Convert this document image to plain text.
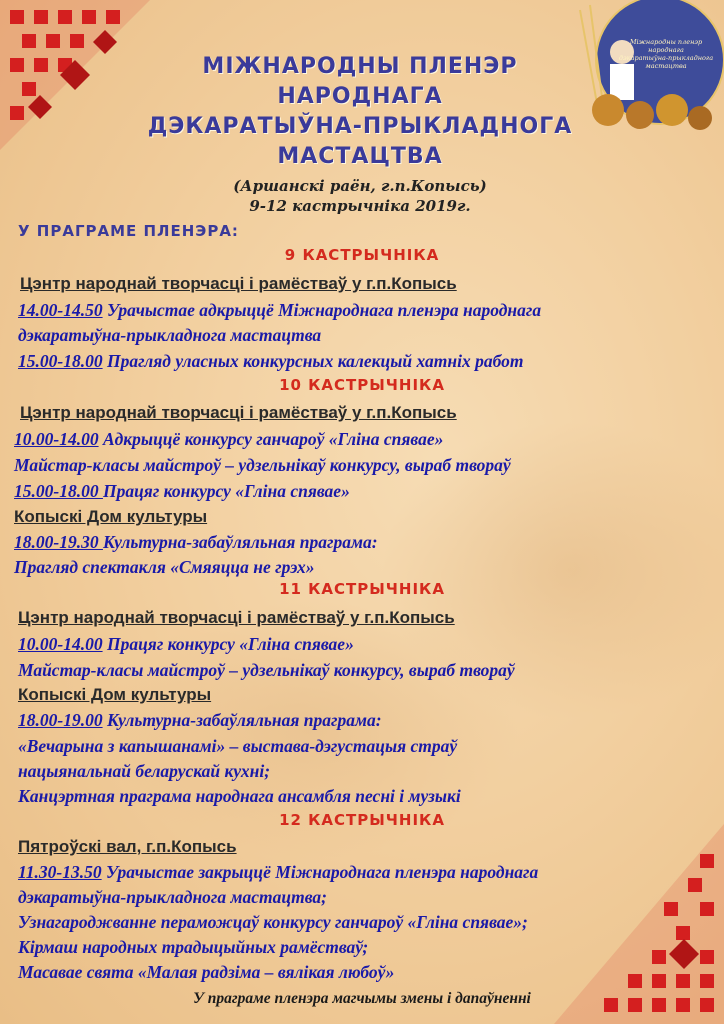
Міжнародны пленэр
народнага
дэкаратыўна-прыкладнога
мастацтва
МІЖНАРОДНЫ ПЛЕНЭР
НАРОДНАГА
ДЭКАРАТЫЎНА-ПРЫКЛАДНОГА
МАСТАЦТВА
(Аршанскі раён, г.п.Копысь)
9-12 кастрычніка 2019г.
У ПРАГРАМЕ ПЛЕНЭРА:
9 КАСТРЫЧНІКА
Цэнтр народнай творчасці і рамёстваў у г.п.Копысь
14.00-14.50 Урачыстае адкрыццё Міжнароднага пленэра народнага
дэкаратыўна-прыкладнога мастацтва
15.00-18.00 Прагляд уласных конкурсных калекцый хатніх работ
10 КАСТРЫЧНІКА
Цэнтр народнай творчасці і рамёстваў у г.п.Копысь
10.00-14.00 Адкрыццё конкурсу ганчароў «Гліна спявае»
Майстар-класы майстроў – удзельнікаў конкурсу, выраб твораў
15.00-18.00 Працяг конкурсу «Гліна спявае»
Копыскі Дом культуры
18.00-19.30 Культурна-забаўляльная праграма:
Прагляд спектакля «Смяяцца не грэх»
11 КАСТРЫЧНІКА
Цэнтр народнай творчасці і рамёстваў у г.п.Копысь
10.00-14.00 Працяг конкурсу «Гліна спявае»
Майстар-класы майстроў – удзельнікаў конкурсу, выраб твораў
Копыскі Дом культуры
18.00-19.00 Культурна-забаўляльная праграма:
«Вечарына з капышанамі» – выстава-дэгустацыя страў
нацыянальнай беларускай кухні;
Канцэртная праграма народнага ансамбля песні і музыкі
12 КАСТРЫЧНІКА
Пятроўскі вал, г.п.Копысь
11.30-13.50 Урачыстае закрыццё Міжнароднага пленэра народнага
дэкаратыўна-прыкладнога мастацтва;
Узнагароджванне пераможцаў конкурсу ганчароў «Гліна спявае»;
Кірмаш народных традыцыйных рамёстваў;
Масавае свята «Малая радзіма – вялікая любоў»
У праграме пленэра магчымы змены і дапаўненні
